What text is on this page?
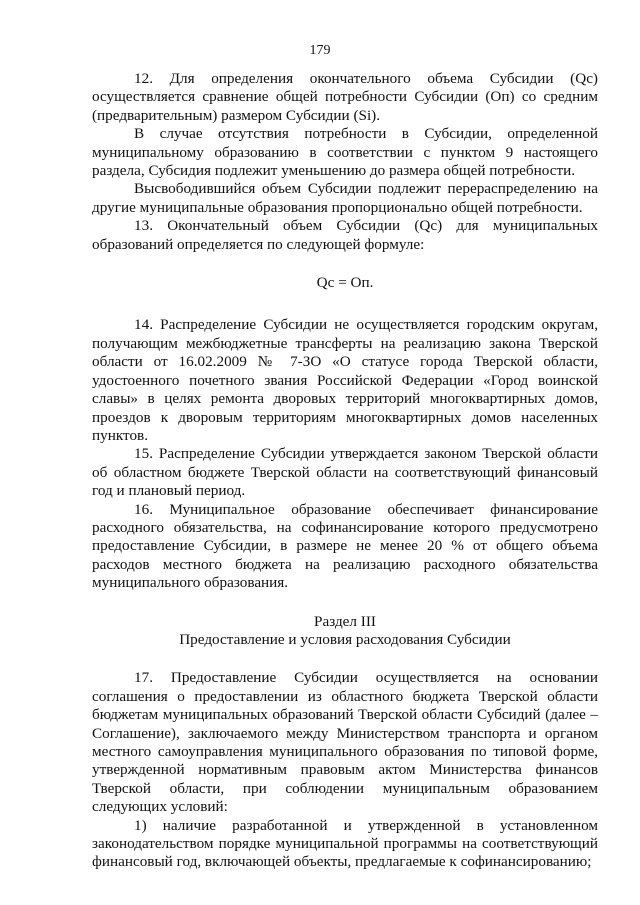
179

12. Для определения окончательного объема Субсидии (Qc) осуществляется сравнение общей потребности Субсидии (Оп) со средним (предварительным) размером Субсидии (Si).

В случае отсутствия потребности в Субсидии, определенной муниципальному образованию в соответствии с пунктом 9 настоящего раздела, Субсидия подлежит уменьшению до размера общей потребности.

Высвободившийся объем Субсидии подлежит перераспределению на другие муниципальные образования пропорционально общей потребности.

13. Окончательный объем Субсидии (Qc) для муниципальных образований определяется по следующей формуле:

Qc = Оп.

14. Распределение Субсидии не осуществляется городским округам, получающим межбюджетные трансферты на реализацию закона Тверской области от 16.02.2009 № 7-ЗО «О статусе города Тверской области, удостоенного почетного звания Российской Федерации «Город воинской славы» в целях ремонта дворовых территорий многоквартирных домов, проездов к дворовым территориям многоквартирных домов населенных пунктов.

15. Распределение Субсидии утверждается законом Тверской области об областном бюджете Тверской области на соответствующий финансовый год и плановый период.

16. Муниципальное образование обеспечивает финансирование расходного обязательства, на софинансирование которого предусмотрено предоставление Субсидии, в размере не менее 20 % от общего объема расходов местного бюджета на реализацию расходного обязательства муниципального образования.

Раздел III

Предоставление и условия расходования Субсидии

17. Предоставление Субсидии осуществляется на основании соглашения о предоставлении из областного бюджета Тверской области бюджетам муниципальных образований Тверской области Субсидий (далее – Соглашение), заключаемого между Министерством транспорта и органом местного самоуправления муниципального образования по типовой форме, утвержденной нормативным правовым актом Министерства финансов Тверской области, при соблюдении муниципальным образованием следующих условий:

1) наличие разработанной и утвержденной в установленном законодательством порядке муниципальной программы на соответствующий финансовый год, включающей объекты, предлагаемые к софинансированию;
